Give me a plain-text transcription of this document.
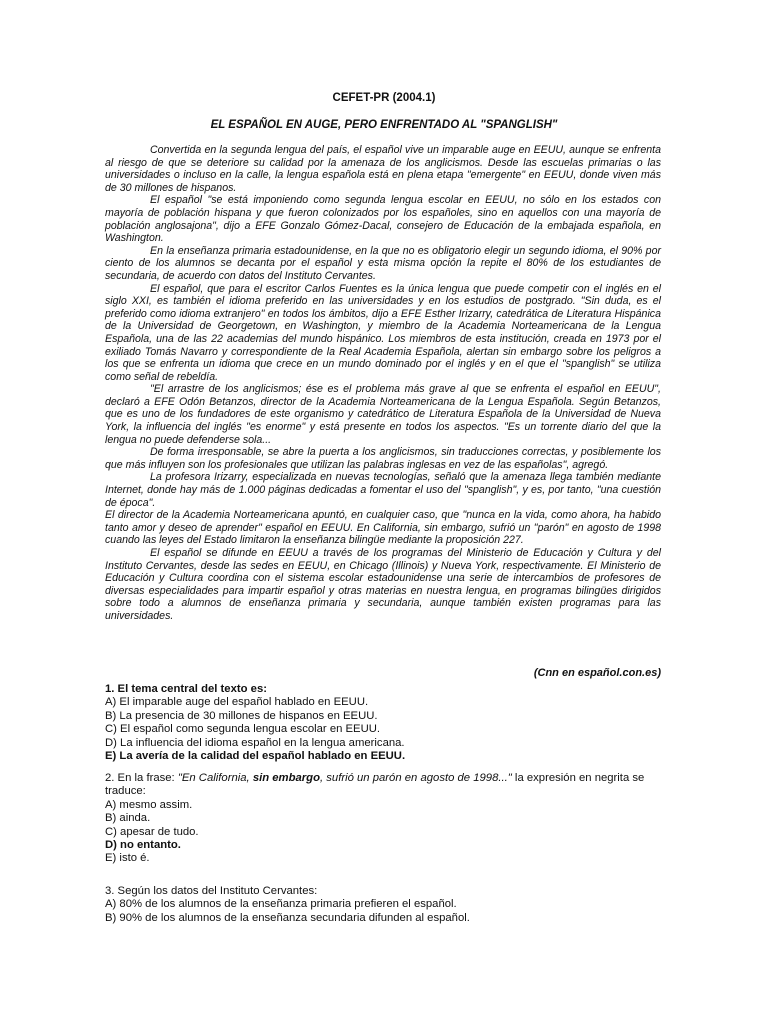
CEFET-PR (2004.1)
EL ESPAÑOL EN AUGE, PERO ENFRENTADO AL "SPANGLISH"

Convertida en la segunda lengua del país, el español vive un imparable auge en EEUU, aunque se enfrenta al riesgo de que se deteriore su calidad por la amenaza de los anglicismos. Desde las escuelas primarias o las universidades o incluso en la calle, la lengua española está en plena etapa "emergente" en EEUU, donde viven más de 30 millones de hispanos.

El español "se está imponiendo como segunda lengua escolar en EEUU, no sólo en los estados con mayoría de población hispana y que fueron colonizados por los españoles, sino en aquellos con una mayoría de población anglosajona", dijo a EFE Gonzalo Gómez-Dacal, consejero de Educación de la embajada española, en Washington.

En la enseñanza primaria estadounidense, en la que no es obligatorio elegir un segundo idioma, el 90% por ciento de los alumnos se decanta por el español y esta misma opción la repite el 80% de los estudiantes de secundaria, de acuerdo con datos del Instituto Cervantes.

El español, que para el escritor Carlos Fuentes es la única lengua que puede competir con el inglés en el siglo XXI, es también el idioma preferido en las universidades y en los estudios de postgrado. "Sin duda, es el preferido como idioma extranjero" en todos los ámbitos, dijo a EFE Esther Irizarry, catedrática de Literatura Hispánica de la Universidad de Georgetown, en Washington, y miembro de la Academia Norteamericana de la Lengua Española, una de las 22 academias del mundo hispánico. Los miembros de esta institución, creada en 1973 por el exiliado Tomás Navarro y correspondiente de la Real Academia Española, alertan sin embargo sobre los peligros a los que se enfrenta un idioma que crece en un mundo dominado por el inglés y en el que el "spanglish" se utiliza como señal de rebeldía.

"El arrastre de los anglicismos; ése es el problema más grave al que se enfrenta el español en EEUU", declaró a EFE Odón Betanzos, director de la Academia Norteamericana de la Lengua Española. Según Betanzos, que es uno de los fundadores de este organismo y catedrático de Literatura Española de la Universidad de Nueva York, la influencia del inglés "es enorme" y está presente en todos los aspectos. "Es un torrente diario del que la lengua no puede defenderse sola...

De forma irresponsable, se abre la puerta a los anglicismos, sin traducciones correctas, y posiblemente los que más influyen son los profesionales que utilizan las palabras inglesas en vez de las españolas", agregó.

La profesora Irizarry, especializada en nuevas tecnologías, señaló que la amenaza llega también mediante Internet, donde hay más de 1.000 páginas dedicadas a fomentar el uso del "spanglish", y es, por tanto, "una cuestión de época".

El director de la Academia Norteamericana apuntó, en cualquier caso, que "nunca en la vida, como ahora, ha habido tanto amor y deseo de aprender" español en EEUU. En California, sin embargo, sufrió un "parón" en agosto de 1998 cuando las leyes del Estado limitaron la enseñanza bilingüe mediante la proposición 227.

El español se difunde en EEUU a través de los programas del Ministerio de Educación y Cultura y del Instituto Cervantes, desde las sedes en EEUU, en Chicago (Illinois) y Nueva York, respectivamente. El Ministerio de Educación y Cultura coordina con el sistema escolar estadounidense una serie de intercambios de profesores de diversas especialidades para impartir español y otras materias en nuestra lengua, en programas bilingües dirigidos sobre todo a alumnos de enseñanza primaria y secundaria, aunque también existen programas para las universidades.

(Cnn en español.con.es)
1. El tema central del texto es:
A) El imparable auge del español hablado en EEUU.
B) La presencia de 30 millones de hispanos en EEUU.
C) El español como segunda lengua escolar en EEUU.
D) La influencia del idioma español en la lengua americana.
E) La avería de la calidad del español hablado en EEUU.
2. En la frase: "En California, sin embargo, sufrió un parón en agosto de 1998..." la expresión en negrita se traduce:
A) mesmo assim.
B) ainda.
C) apesar de tudo.
D) no entanto.
E) isto é.
3. Según los datos del Instituto Cervantes:
A) 80% de los alumnos de la enseñanza primaria prefieren el español.
B) 90% de los alumnos de la enseñanza secundaria difunden al español.
